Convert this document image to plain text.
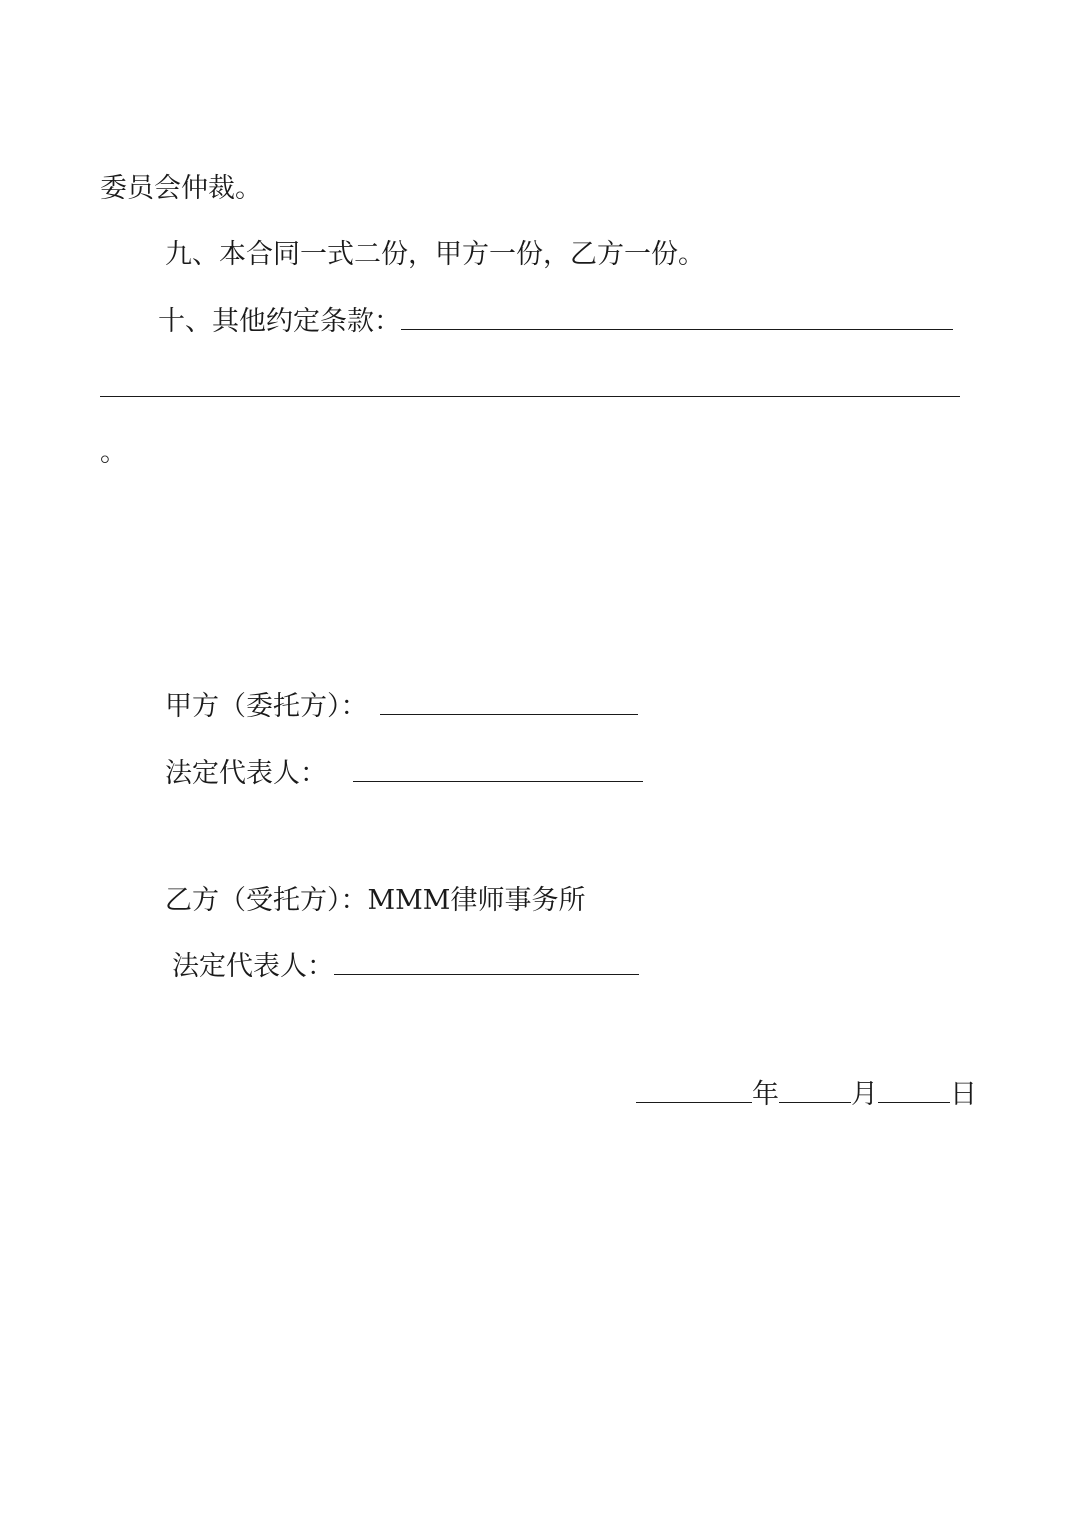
委员会仲裁。
九、本合同一式二份，甲方一份，乙方一份。
十、其他约定条款：
。
甲方（委托方）：
法定代表人：
乙方（受托方）：MMM律师事务所
法定代表人：
年	月	日
